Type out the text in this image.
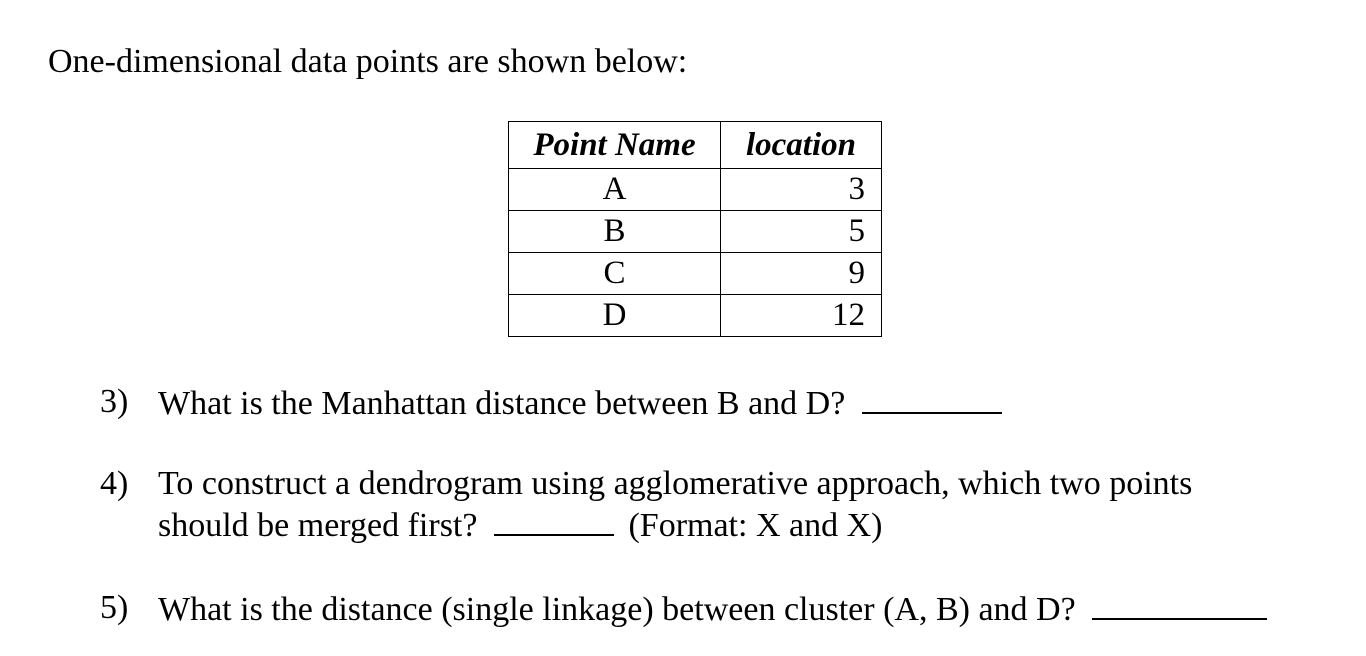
One-dimensional data points are shown below:
Point Name	location
A	3
B	5
C	9
D	12
3) What is the Manhattan distance between B and D?
4) To construct a dendrogram using agglomerative approach, which two points
should be merged first?	(Format: X and X)
5) What is the distance (single linkage) between cluster (A, B) and D?
